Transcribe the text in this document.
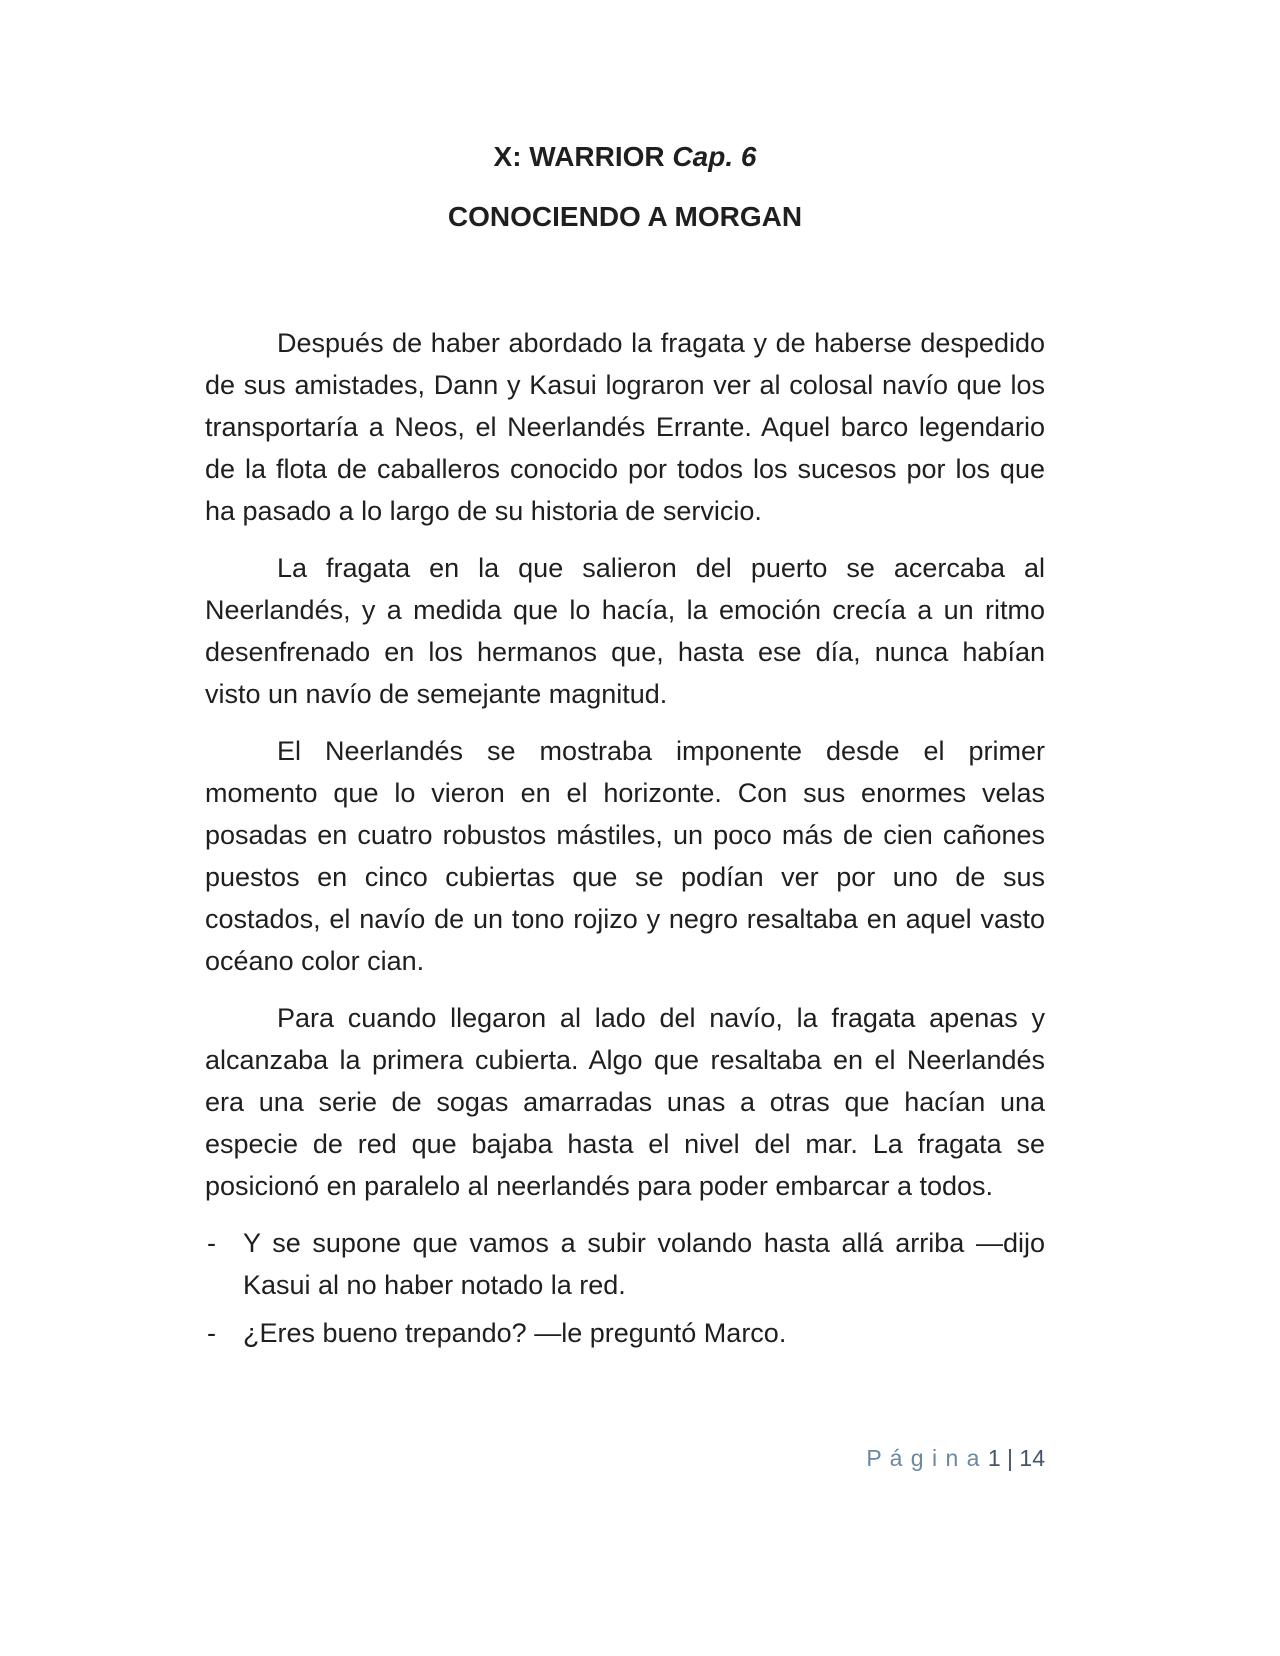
X: WARRIOR Cap. 6
CONOCIENDO A MORGAN

Después de haber abordado la fragata y de haberse despedido de sus amistades, Dann y Kasui lograron ver al colosal navío que los transportaría a Neos, el Neerlandés Errante. Aquel barco legendario de la flota de caballeros conocido por todos los sucesos por los que ha pasado a lo largo de su historia de servicio.

La fragata en la que salieron del puerto se acercaba al Neerlandés, y a medida que lo hacía, la emoción crecía a un ritmo desenfrenado en los hermanos que, hasta ese día, nunca habían visto un navío de semejante magnitud.

El Neerlandés se mostraba imponente desde el primer momento que lo vieron en el horizonte. Con sus enormes velas posadas en cuatro robustos mástiles, un poco más de cien cañones puestos en cinco cubiertas que se podían ver por uno de sus costados, el navío de un tono rojizo y negro resaltaba en aquel vasto océano color cian.

Para cuando llegaron al lado del navío, la fragata apenas y alcanzaba la primera cubierta. Algo que resaltaba en el Neerlandés era una serie de sogas amarradas unas a otras que hacían una especie de red que bajaba hasta el nivel del mar. La fragata se posicionó en paralelo al neerlandés para poder embarcar a todos.

- Y se supone que vamos a subir volando hasta allá arriba —dijo Kasui al no haber notado la red.
- ¿Eres bueno trepando? —le preguntó Marco.

P á g i n a 1 | 14
